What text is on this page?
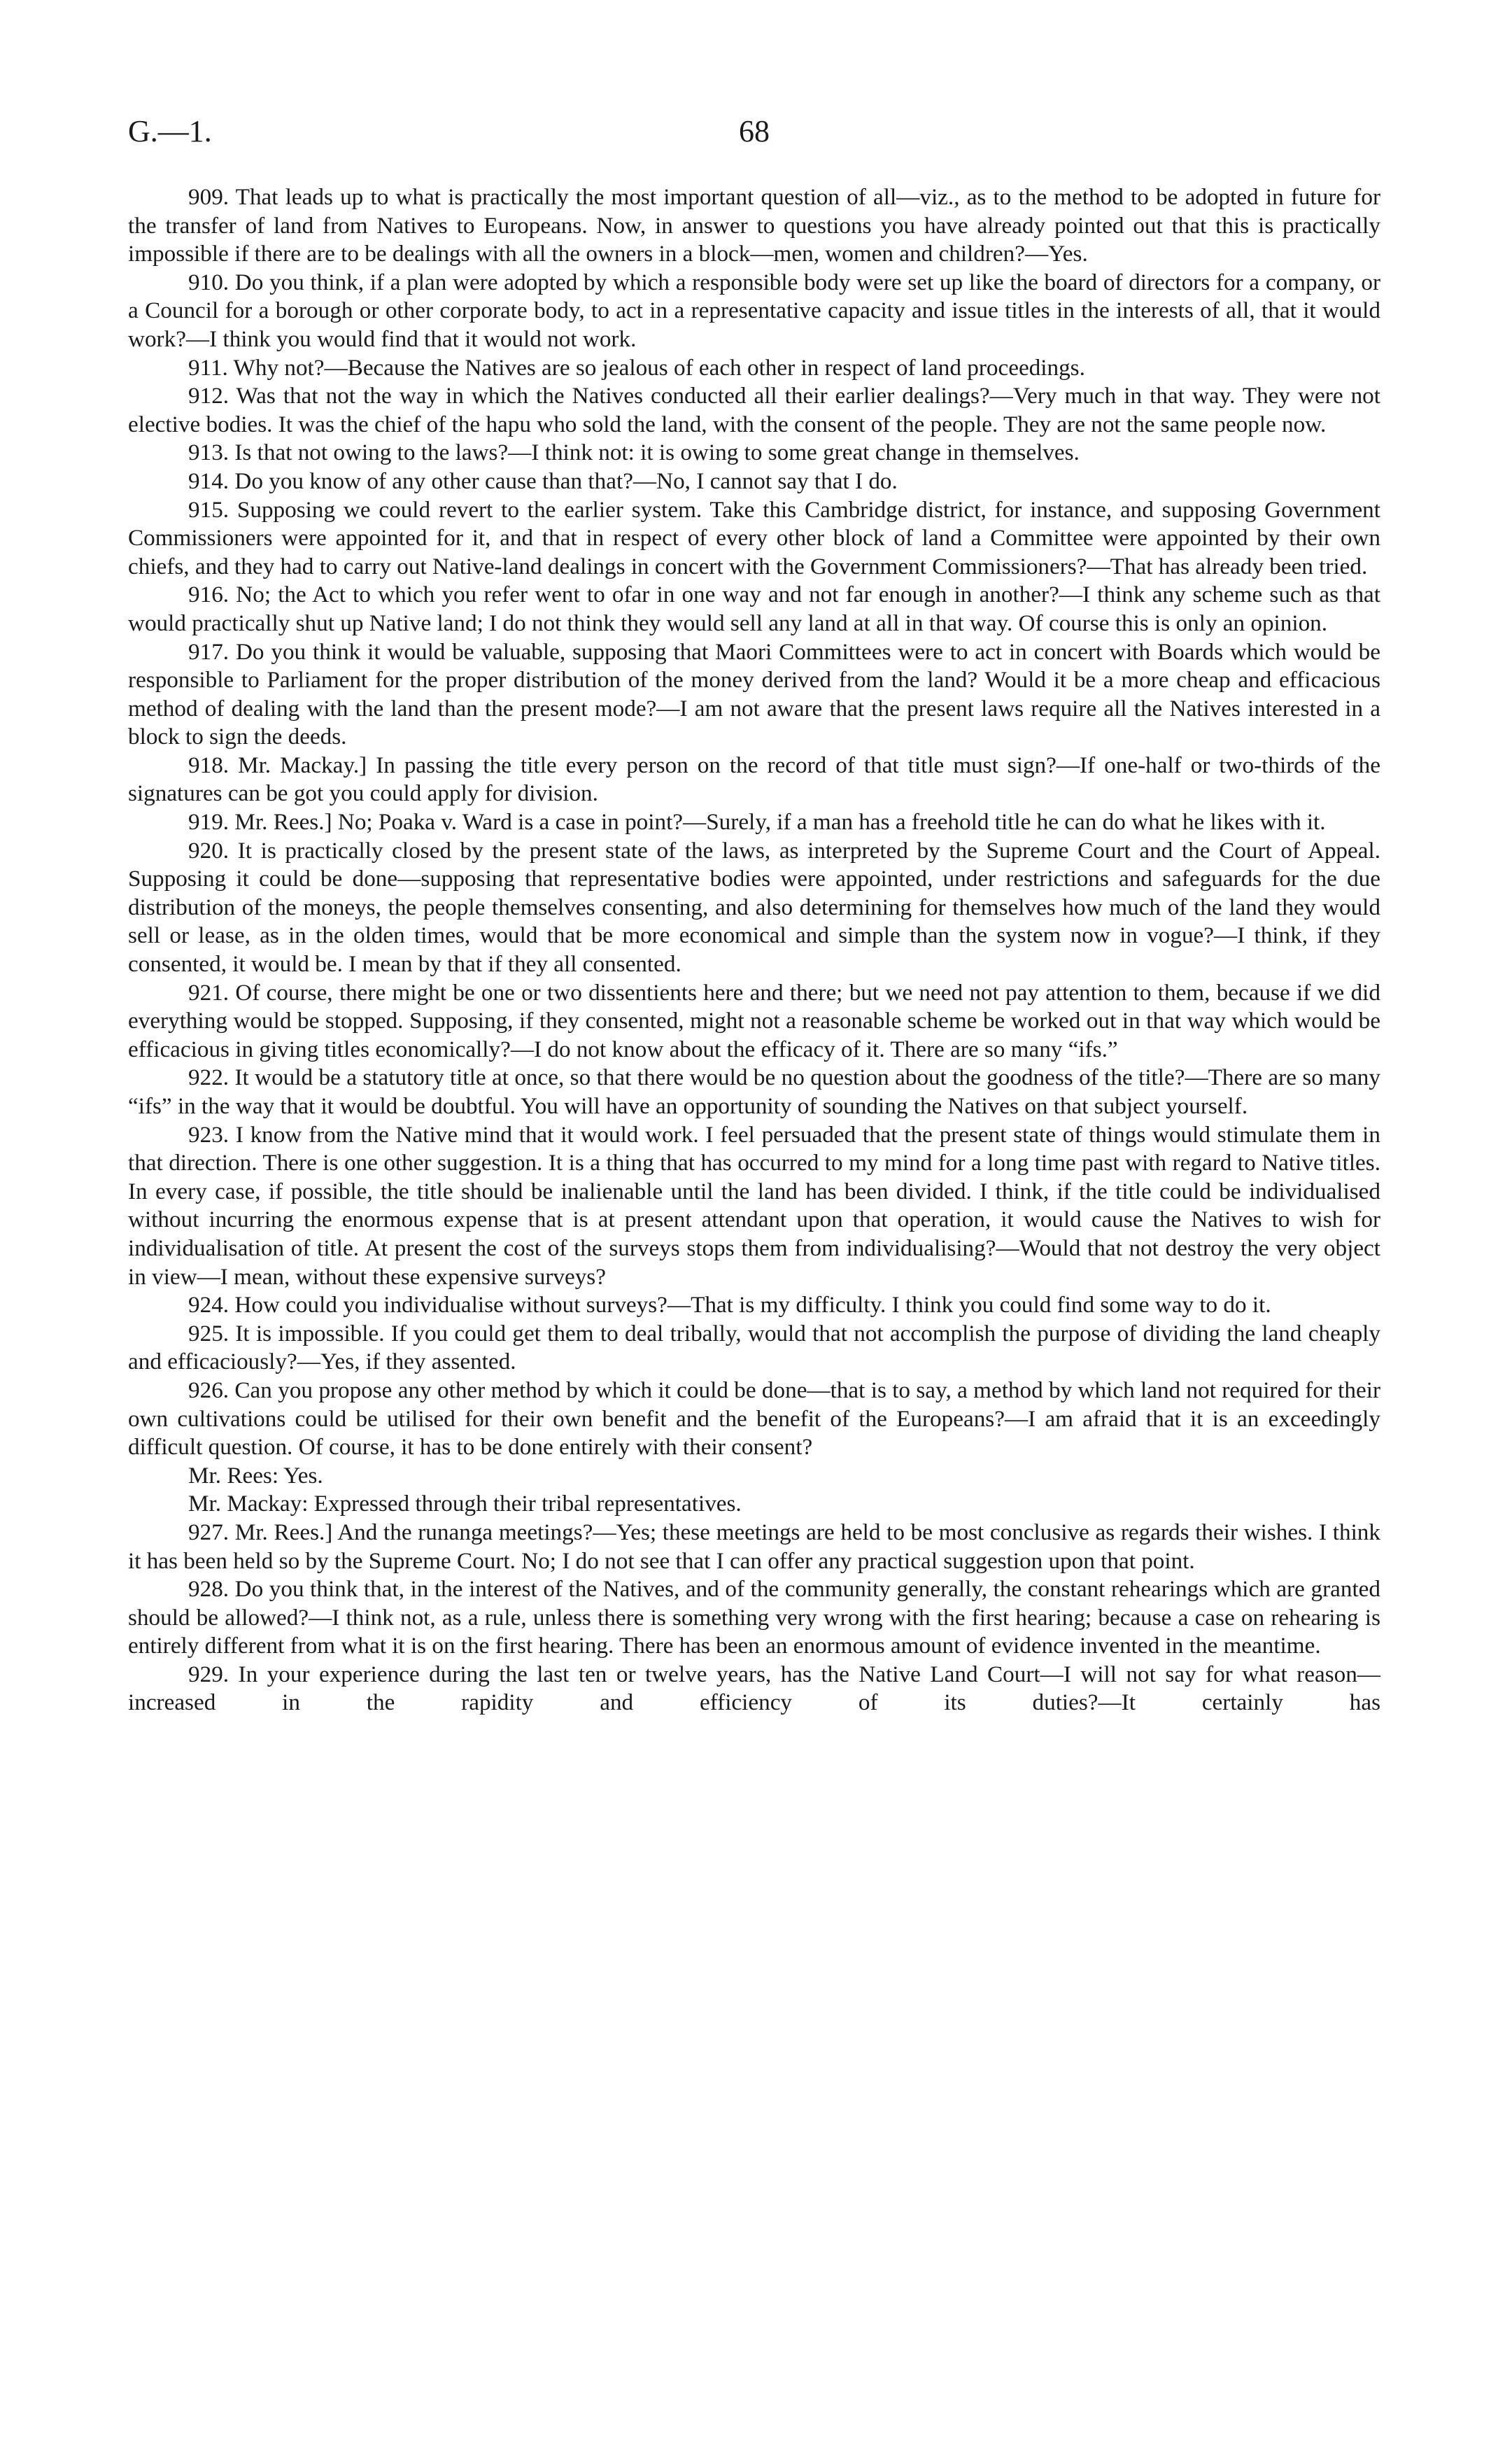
G.—1.	68

909. That leads up to what is practically the most important question of all—viz., as to the method to be adopted in future for the transfer of land from Natives to Europeans. Now, in answer to questions you have already pointed out that this is practically impossible if there are to be dealings with all the owners in a block—men, women and children?—Yes.

910. Do you think, if a plan were adopted by which a responsible body were set up like the board of directors for a company, or a Council for a borough or other corporate body, to act in a representative capacity and issue titles in the interests of all, that it would work?—I think you would find that it would not work.

911. Why not?—Because the Natives are so jealous of each other in respect of land proceedings.

912. Was that not the way in which the Natives conducted all their earlier dealings?—Very much in that way. They were not elective bodies. It was the chief of the hapu who sold the land, with the consent of the people. They are not the same people now.

913. Is that not owing to the laws?—I think not: it is owing to some great change in themselves.

914. Do you know of any other cause than that?—No, I cannot say that I do.

915. Supposing we could revert to the earlier system. Take this Cambridge district, for instance, and supposing Government Commissioners were appointed for it, and that in respect of every other block of land a Committee were appointed by their own chiefs, and they had to carry out Native-land dealings in concert with the Government Commissioners?—That has already been tried.

916. No; the Act to which you refer went to ofar in one way and not far enough in another?—I think any scheme such as that would practically shut up Native land; I do not think they would sell any land at all in that way. Of course this is only an opinion.

917. Do you think it would be valuable, supposing that Maori Committees were to act in concert with Boards which would be responsible to Parliament for the proper distribution of the money derived from the land? Would it be a more cheap and efficacious method of dealing with the land than the present mode?—I am not aware that the present laws require all the Natives interested in a block to sign the deeds.

918. Mr. Mackay.] In passing the title every person on the record of that title must sign?—If one-half or two-thirds of the signatures can be got you could apply for division.

919. Mr. Rees.] No; Poaka v. Ward is a case in point?—Surely, if a man has a freehold title he can do what he likes with it.

920. It is practically closed by the present state of the laws, as interpreted by the Supreme Court and the Court of Appeal. Supposing it could be done—supposing that representative bodies were appointed, under restrictions and safeguards for the due distribution of the moneys, the people themselves consenting, and also determining for themselves how much of the land they would sell or lease, as in the olden times, would that be more economical and simple than the system now in vogue?—I think, if they consented, it would be. I mean by that if they all consented.

921. Of course, there might be one or two dissentients here and there; but we need not pay attention to them, because if we did everything would be stopped. Supposing, if they consented, might not a reasonable scheme be worked out in that way which would be efficacious in giving titles economically?—I do not know about the efficacy of it. There are so many “ifs.”

922. It would be a statutory title at once, so that there would be no question about the goodness of the title?—There are so many “ifs” in the way that it would be doubtful. You will have an opportunity of sounding the Natives on that subject yourself.

923. I know from the Native mind that it would work. I feel persuaded that the present state of things would stimulate them in that direction. There is one other suggestion. It is a thing that has occurred to my mind for a long time past with regard to Native titles. In every case, if possible, the title should be inalienable until the land has been divided. I think, if the title could be individualised without incurring the enormous expense that is at present attendant upon that operation, it would cause the Natives to wish for individualisation of title. At present the cost of the surveys stops them from individualising?—Would that not destroy the very object in view—I mean, without these expensive surveys?

924. How could you individualise without surveys?—That is my difficulty. I think you could find some way to do it.

925. It is impossible. If you could get them to deal tribally, would that not accomplish the purpose of dividing the land cheaply and efficaciously?—Yes, if they assented.

926. Can you propose any other method by which it could be done—that is to say, a method by which land not required for their own cultivations could be utilised for their own benefit and the benefit of the Europeans?—I am afraid that it is an exceedingly difficult question. Of course, it has to be done entirely with their consent?

Mr. Rees: Yes.

Mr. Mackay: Expressed through their tribal representatives.

927. Mr. Rees.] And the runanga meetings?—Yes; these meetings are held to be most conclusive as regards their wishes. I think it has been held so by the Supreme Court. No; I do not see that I can offer any practical suggestion upon that point.

928. Do you think that, in the interest of the Natives, and of the community generally, the constant rehearings which are granted should be allowed?—I think not, as a rule, unless there is something very wrong with the first hearing; because a case on rehearing is entirely different from what it is on the first hearing. There has been an enormous amount of evidence invented in the meantime.

929. In your experience during the last ten or twelve years, has the Native Land Court—I will not say for what reason—increased in the rapidity and efficiency of its duties?—It certainly has
